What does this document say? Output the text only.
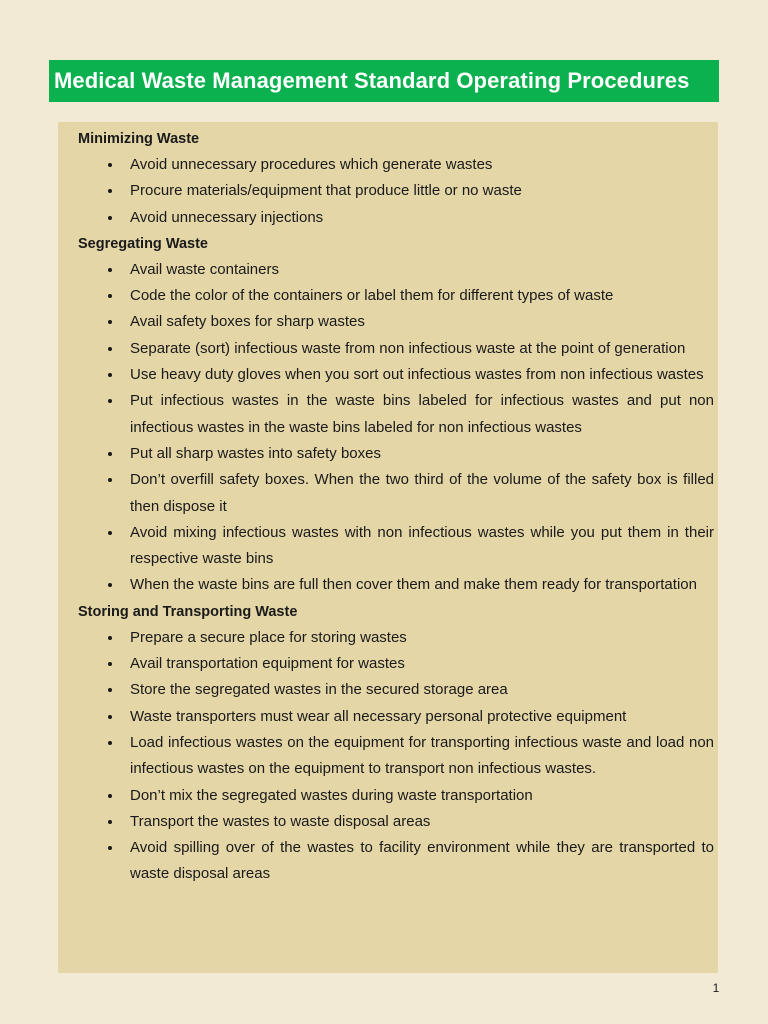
Medical Waste Management Standard Operating Procedures

Minimizing Waste

Avoid unnecessary procedures which generate wastes
Procure materials/equipment that produce little or no waste
Avoid unnecessary injections

Segregating Waste

Avail waste containers
Code the color of the containers or label them for different types of waste
Avail safety boxes for sharp wastes
Separate (sort) infectious waste from non infectious waste at the point of generation
Use heavy duty gloves when you sort out infectious wastes from non infectious wastes
Put infectious wastes in the waste bins labeled for infectious wastes and put non infectious wastes in the waste bins labeled for non infectious wastes
Put all sharp wastes into safety boxes
Don’t overfill safety boxes. When the two third of the volume of the safety box is filled then dispose it
Avoid mixing infectious wastes with non infectious wastes while you put them in their respective waste bins
When the waste bins are full then cover them and make them ready for transportation

Storing and Transporting Waste

Prepare a secure place for storing wastes
Avail transportation equipment for wastes
Store the segregated wastes in the secured storage area
Waste transporters must wear all necessary personal protective equipment
Load infectious wastes on the equipment for transporting infectious waste and load non infectious wastes on the equipment to transport non infectious wastes.
Don’t mix the segregated wastes during waste transportation
Transport the wastes to waste disposal areas
Avoid spilling over of the wastes to facility environment while they are transported to waste disposal areas
1
